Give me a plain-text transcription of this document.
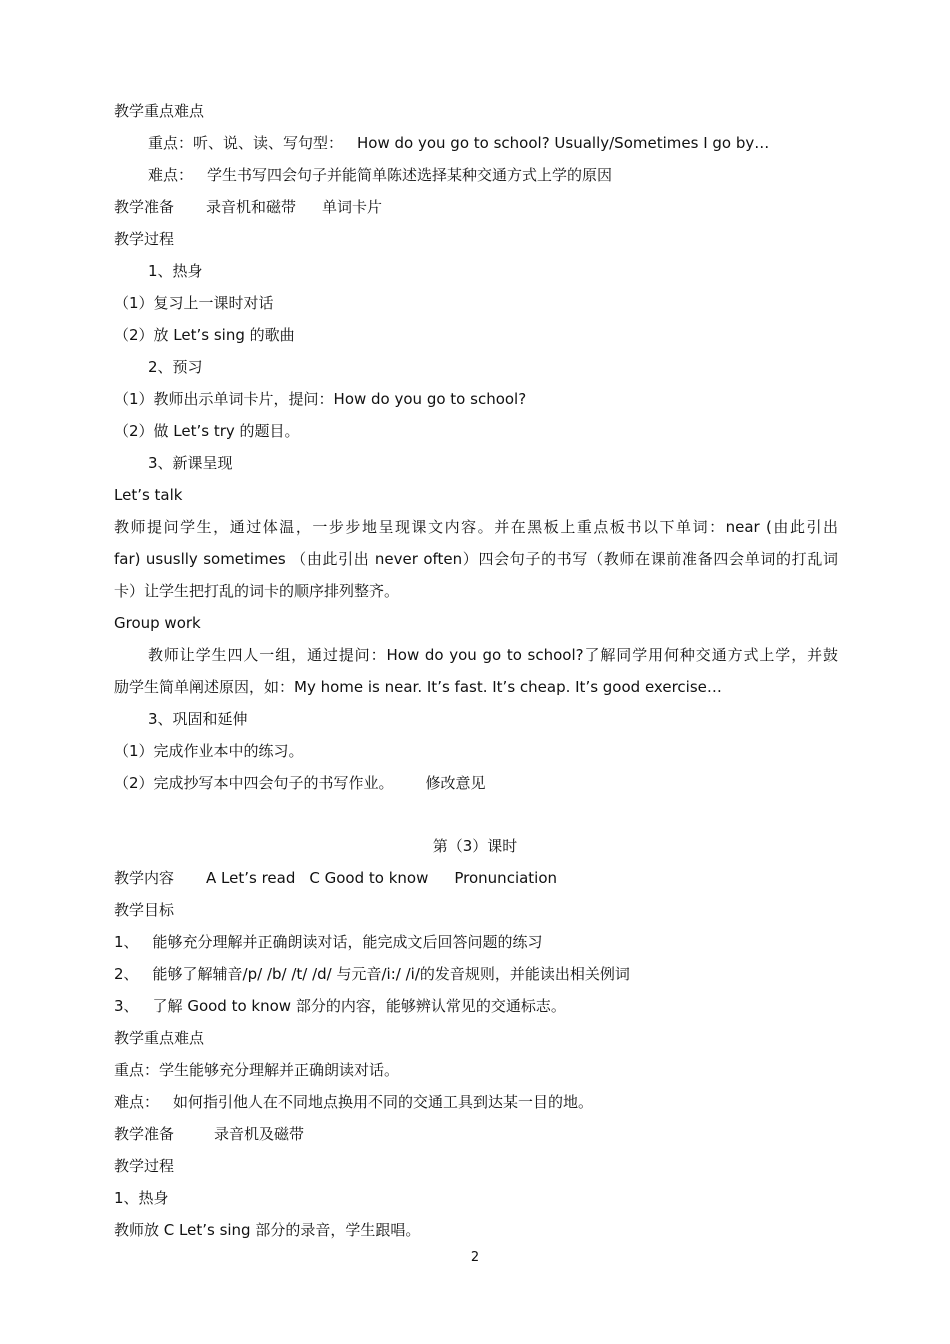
教学重点难点
重点：听、说、读、写句型： How do you go to school? Usually/Sometimes I go by…
难点： 学生书写四会句子并能简单陈述选择某种交通方式上学的原因
教学准备 录音机和磁带 单词卡片
教学过程
1、热身
（1）复习上一课时对话
（2）放 Let’s sing 的歌曲
2、预习
（1）教师出示单词卡片，提问：How do you go to school?
（2）做 Let’s try 的题目。
3、新课呈现
Let’s talk
教师提问学生，通过体温，一步步地呈现课文内容。并在黑板上重点板书以下单词：near (由此引出
far) ususlly sometimes （由此引出 never often）四会句子的书写（教师在课前准备四会单词的打乱词
卡）让学生把打乱的词卡的顺序排列整齐。
Group work
教师让学生四人一组，通过提问：How do you go to school?了解同学用何种交通方式上学，并鼓
励学生简单阐述原因，如：My home is near. It’s fast. It’s cheap. It’s good exercise…
3、巩固和延伸
（1）完成作业本中的练习。
（2）完成抄写本中四会句子的书写作业。 修改意见
第（3）课时
教学内容 A Let’s read C Good to know Pronunciation
教学目标
1、 能够充分理解并正确朗读对话，能完成文后回答问题的练习
2、 能够了解辅音/p/ /b/ /t/ /d/ 与元音/i:/ /i/的发音规则，并能读出相关例词
3、 了解 Good to know 部分的内容，能够辨认常见的交通标志。
教学重点难点
重点：学生能够充分理解并正确朗读对话。
难点： 如何指引他人在不同地点换用不同的交通工具到达某一目的地。
教学准备	录音机及磁带
教学过程
1、热身
教师放 C Let’s sing 部分的录音，学生跟唱。
2
